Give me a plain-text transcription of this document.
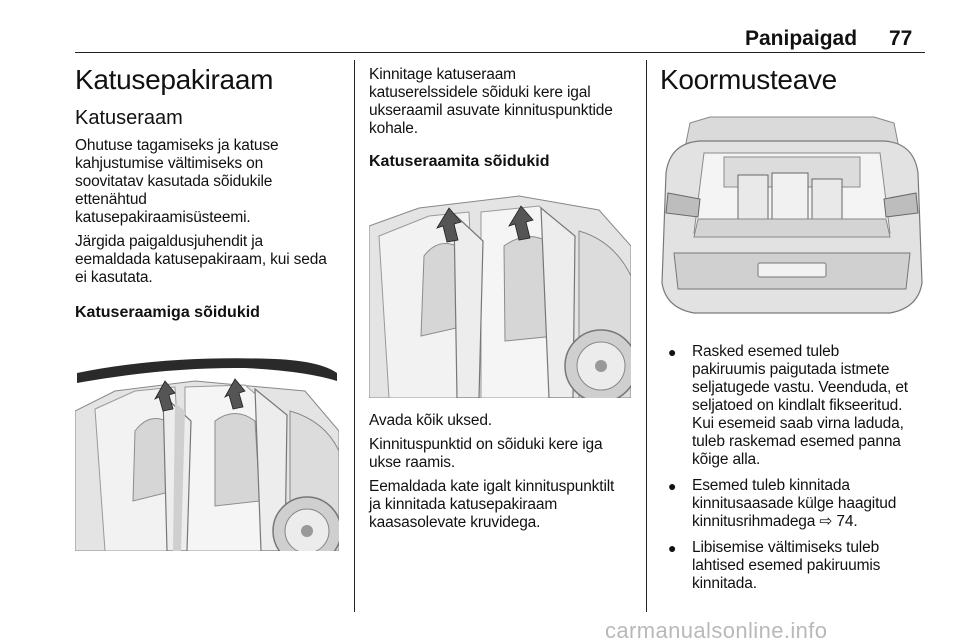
Panipaigad 77
Katusepakiraam
Katuseraam

Ohutuse tagamiseks ja katuse
kahjustumise vältimiseks on
soovitatav kasutada sõidukile
ettenähtud
katusepakiraamisüsteemi.

Järgida paigaldusjuhendit ja
eemaldada katusepakiraam, kui seda
ei kasutata.

Katuseraamiga sõidukid

Kinnitage katuseraam
katuserelssidele sõiduki kere igal
ukseraamil asuvate kinnituspunktide
kohale.

Katuseraamita sõidukid

Avada kõik uksed.

Kinnituspunktid on sõiduki kere iga
ukse raamis.

Eemaldada kate igalt kinnituspunktilt
ja kinnitada katusepakiraam
kaasasolevate kruvidega.

Koormusteave
● Rasked esemed tuleb
pakiruumis paigutada istmete
seljatugede vastu. Veenduda, et
seljatoed on kindlalt fikseeritud.
Kui esemeid saab virna laduda,
tuleb raskemad esemed panna
kõige alla.
● Esemed tuleb kinnitada
kinnitusaasade külge haagitud
kinnitusrihmadega ⇨ 74.
● Libisemise vältimiseks tuleb
lahtised esemed pakiruumis
kinnitada.
carmanualsonline.info
